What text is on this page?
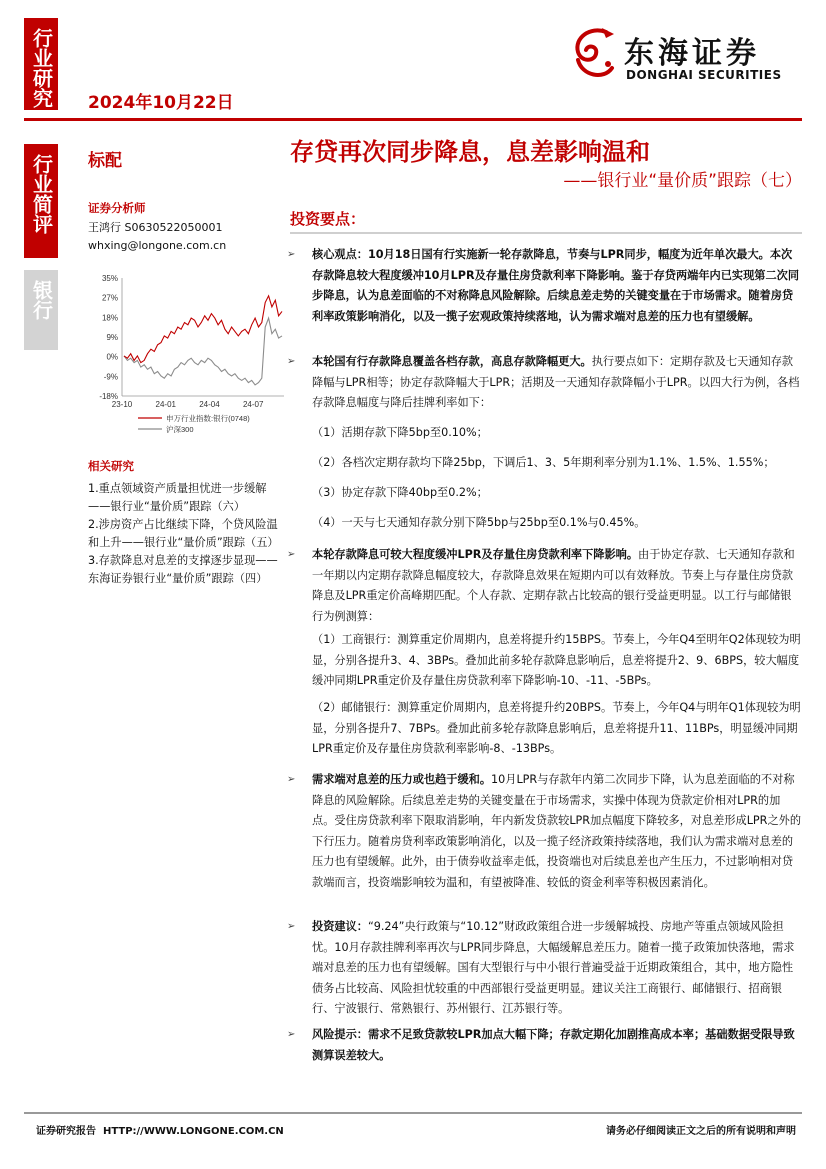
行业研究
行业简评
银行
2024年10月22日
东海证券
DONGHAI SECURITIES
标配	存贷再次同步降息，息差影响温和
——银行业“量价质”跟踪（七）
证券分析师
王鸿行 S0630522050001
whxing@longone.com.cn
35%
27%
18%
9%
0%
-9%
-18%
23-10	24-01	24-04	24-07
申万行业指数:银行(0748)
沪深300
相关研究
1.重点领域资产质量担忧进一步缓解——银行业“量价质”跟踪（六）
2.涉房资产占比继续下降，个贷风险温和上升——银行业“量价质”跟踪（五）
3.存款降息对息差的支撑逐步显现——东海证券银行业“量价质”跟踪（四）
投资要点：
➢	核心观点：10月18日国有行实施新一轮存款降息，节奏与LPR同步，幅度为近年单次最大。本次存款降息较大程度缓冲10月LPR及存量住房贷款利率下降影响。鉴于存贷两端年内已实现第二次同步降息，认为息差面临的不对称降息风险解除。后续息差走势的关键变量在于市场需求。随着房贷利率政策影响消化，以及一揽子宏观政策持续落地，认为需求端对息差的压力也有望缓解。
➢	本轮国有行存款降息覆盖各档存款，高息存款降幅更大。执行要点如下：定期存款及七天通知存款降幅与LPR相等；协定存款降幅大于LPR；活期及一天通知存款降幅小于LPR。以四大行为例，各档存款降息幅度与降后挂牌利率如下：
（1）活期存款下降5bp至0.10%；
（2）各档次定期存款均下降25bp，下调后1、3、5年期利率分别为1.1%、1.5%、1.55%；
（3）协定存款下降40bp至0.2%；
（4）一天与七天通知存款分别下降5bp与25bp至0.1%与0.45%。
➢	本轮存款降息可较大程度缓冲LPR及存量住房贷款利率下降影响。由于协定存款、七天通知存款和一年期以内定期存款降息幅度较大，存款降息效果在短期内可以有效释放。节奏上与存量住房贷款降息及LPR重定价高峰期匹配。个人存款、定期存款占比较高的银行受益更明显。以工行与邮储银行为例测算：
（1）工商银行：测算重定价周期内，息差将提升约15BPS。节奏上，今年Q4至明年Q2体现较为明显，分别各提升3、4、3BPs。叠加此前多轮存款降息影响后，息差将提升2、9、6BPS，较大幅度缓冲同期LPR重定价及存量住房贷款利率下降影响-10、-11、-5BPs。
（2）邮储银行：测算重定价周期内，息差将提升约20BPS。节奏上，今年Q4与明年Q1体现较为明显，分别各提升7、7BPs。叠加此前多轮存款降息影响后，息差将提升11、11BPs，明显缓冲同期LPR重定价及存量住房贷款利率影响-8、-13BPs。
➢	需求端对息差的压力或也趋于缓和。10月LPR与存款年内第二次同步下降，认为息差面临的不对称降息的风险解除。后续息差走势的关键变量在于市场需求，实操中体现为贷款定价相对LPR的加点。受住房贷款利率下限取消影响，年内新发贷款较LPR加点幅度下降较多，对息差形成LPR之外的下行压力。随着房贷利率政策影响消化，以及一揽子经济政策持续落地，我们认为需求端对息差的压力也有望缓解。此外，由于债券收益率走低，投资端也对后续息差也产生压力，不过影响相对贷款端而言，投资端影响较为温和，有望被降准、较低的资金利率等积极因素消化。
➢	投资建议：“9.24”央行政策与“10.12”财政政策组合进一步缓解城投、房地产等重点领域风险担忧。10月存款挂牌利率再次与LPR同步降息，大幅缓解息差压力。随着一揽子政策加快落地，需求端对息差的压力也有望缓解。国有大型银行与中小银行普遍受益于近期政策组合，其中，地方隐性债务占比较高、风险担忧较重的中西部银行受益更明显。建议关注工商银行、邮储银行、招商银行、宁波银行、常熟银行、苏州银行、江苏银行等。
➢	风险提示：需求不足致贷款较LPR加点大幅下降；存款定期化加剧推高成本率；基础数据受限导致测算误差较大。
证券研究报告  HTTP://WWW.LONGONE.COM.CN	请务必仔细阅读正文之后的所有说明和声明
